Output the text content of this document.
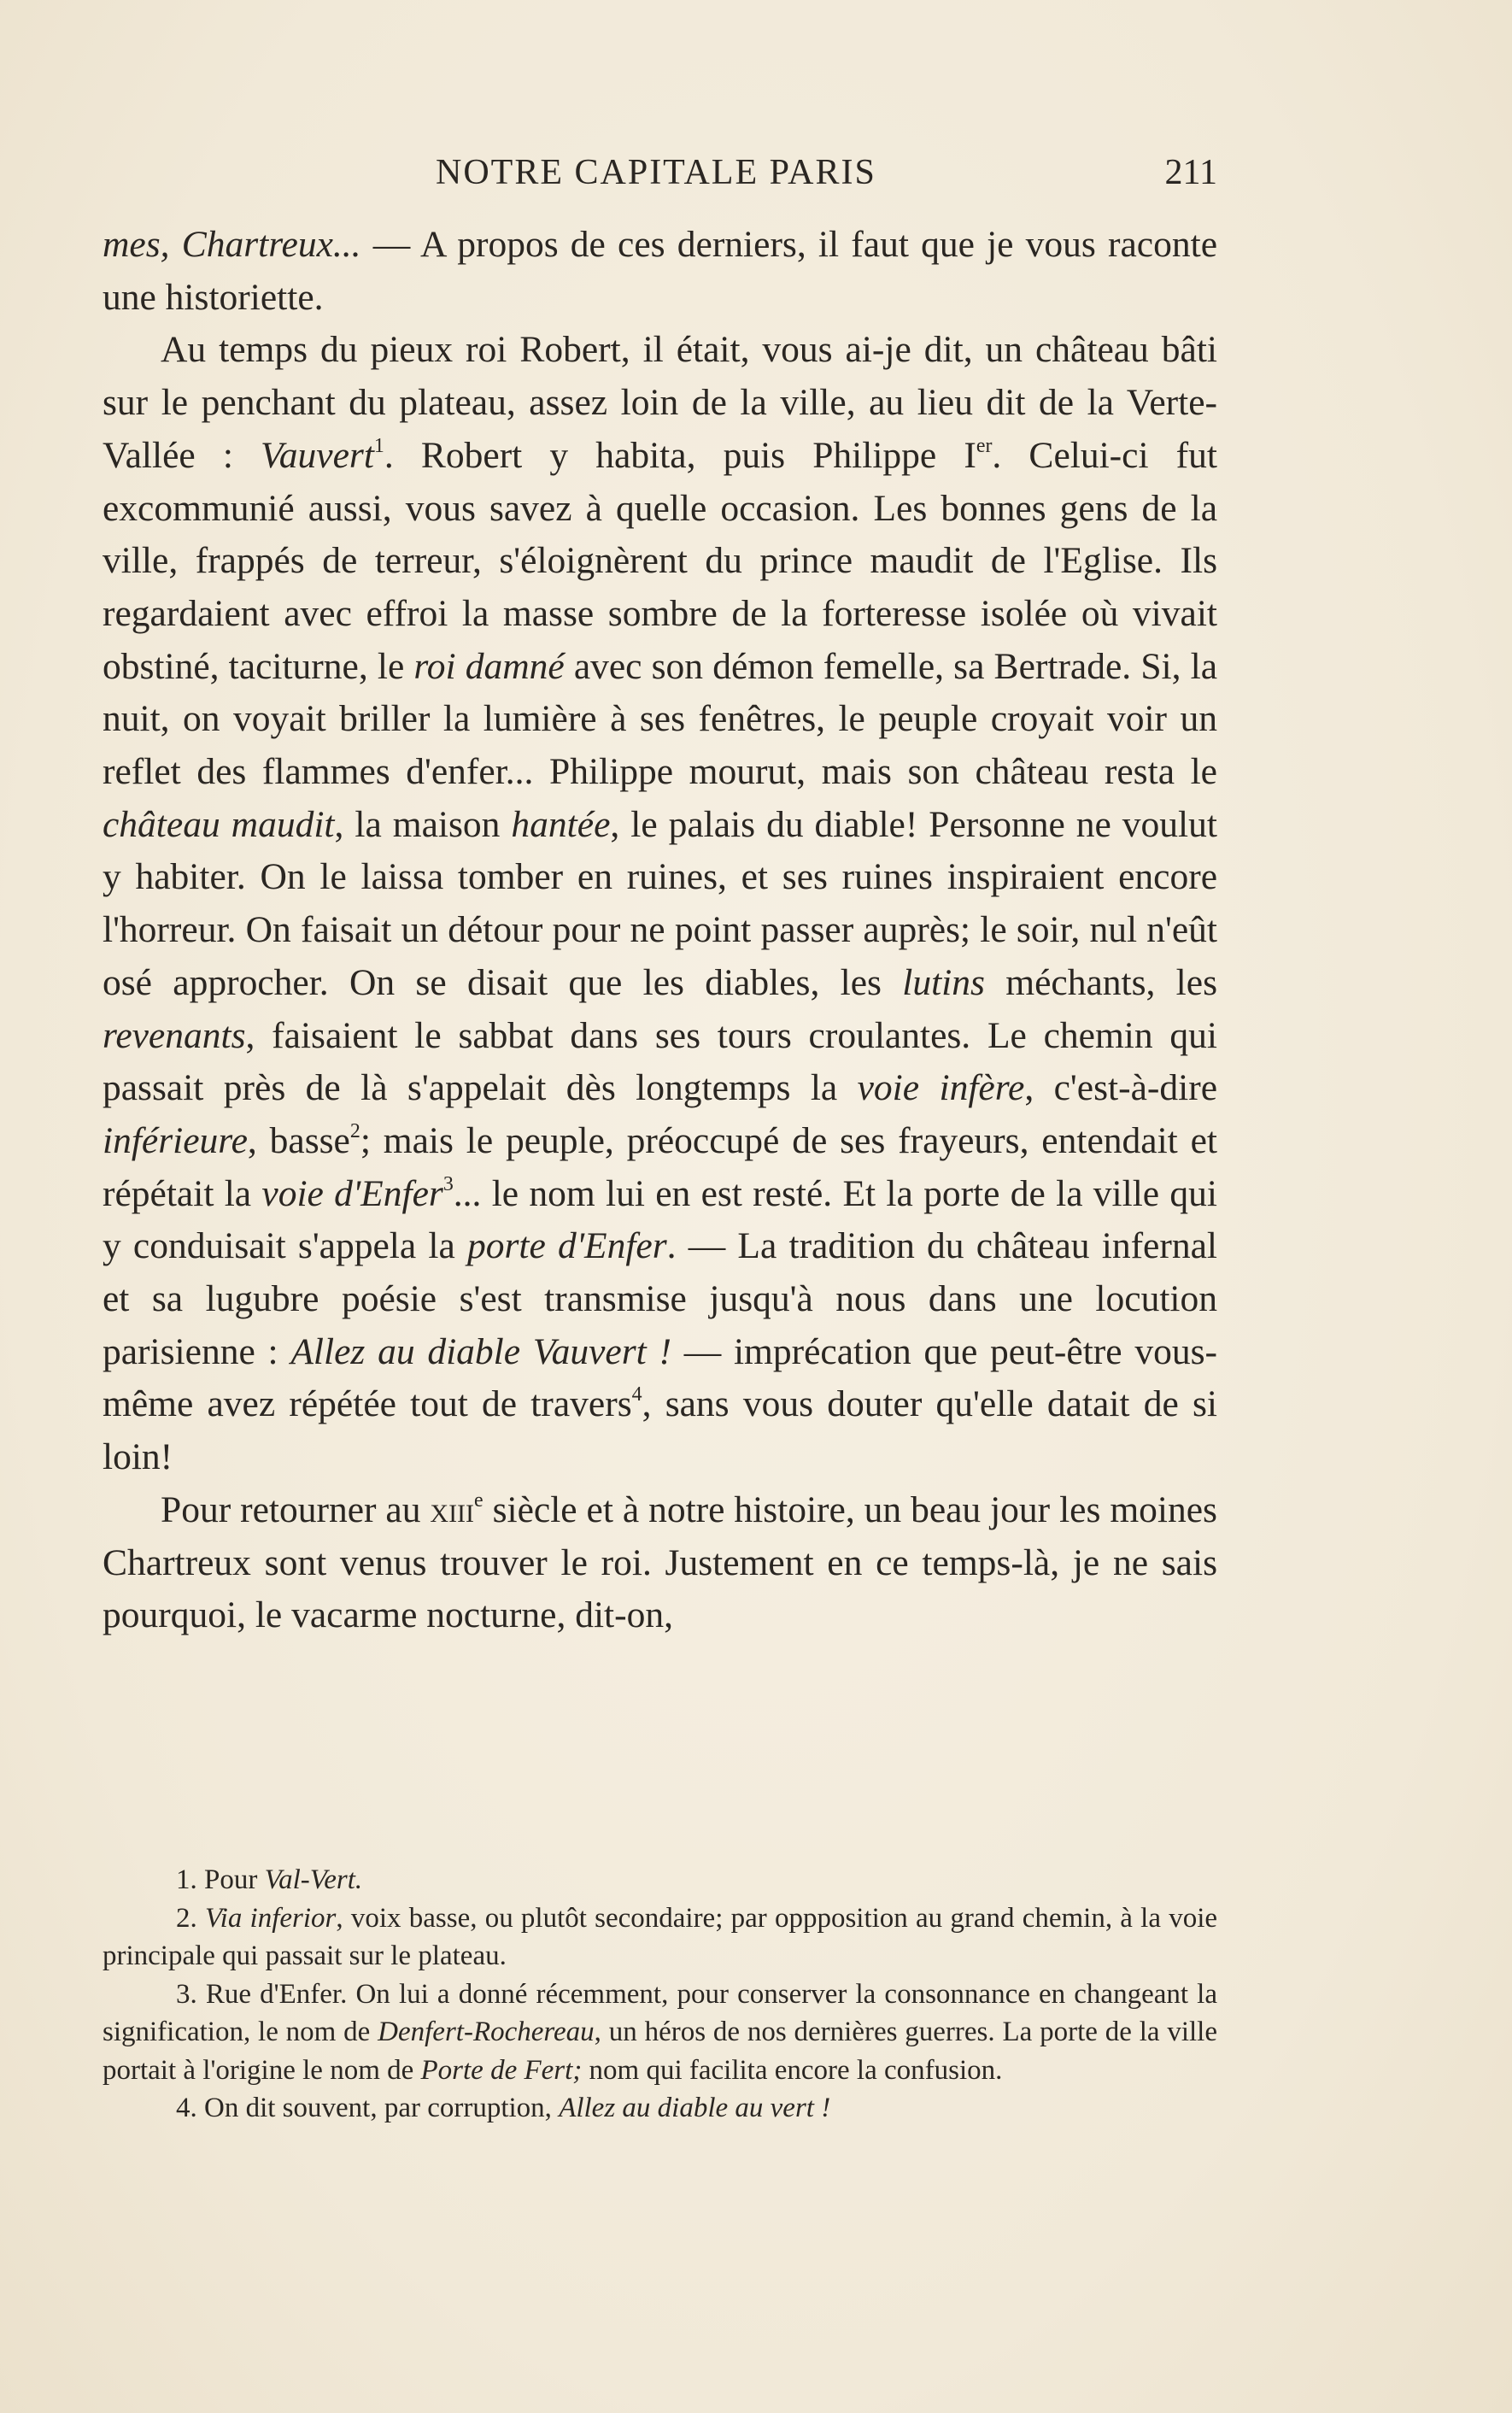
NOTRE CAPITALE PARIS	211

mes, Chartreux... — A propos de ces derniers, il faut que je vous raconte une historiette.

Au temps du pieux roi Robert, il était, vous ai-je dit, un château bâti sur le penchant du plateau, assez loin de la ville, au lieu dit de la Verte-Vallée : Vauvert$^1$. Robert y habita, puis Philippe Ier. Celui-ci fut excommunié aussi, vous savez à quelle occasion. Les bonnes gens de la ville, frappés de terreur, s'éloignèrent du prince maudit de l'Eglise. Ils regardaient avec effroi la masse sombre de la forteresse isolée où vivait obstiné, taciturne, le roi damné avec son démon femelle, sa Bertrade. Si, la nuit, on voyait briller la lumière à ses fenêtres, le peuple croyait voir un reflet des flammes d'enfer... Philippe mourut, mais son château resta le château maudit, la maison hantée, le palais du diable! Personne ne voulut y habiter. On le laissa tomber en ruines, et ses ruines inspiraient encore l'horreur. On faisait un détour pour ne point passer auprès; le soir, nul n'eût osé approcher. On se disait que les diables, les lutins méchants, les revenants, faisaient le sabbat dans ses tours croulantes. Le chemin qui passait près de là s'appelait dès longtemps la voie infère, c'est-à-dire inférieure, basse$^2$; mais le peuple, préoccupé de ses frayeurs, entendait et répétait la voie d'Enfer$^3$... le nom lui en est resté. Et la porte de la ville qui y conduisait s'appela la porte d'Enfer. — La tradition du château infernal et sa lugubre poésie s'est transmise jusqu'à nous dans une locution parisienne : Allez au diable Vauvert ! — imprécation que peut-être vous-même avez répétée tout de travers$^4$, sans vous douter qu'elle datait de si loin!

Pour retourner au xiii$^e$ siècle et à notre histoire, un beau jour les moines Chartreux sont venus trouver le roi. Justement en ce temps-là, je ne sais pourquoi, le vacarme nocturne, dit-on,

1. Pour Val-Vert.

2. Via inferior, voix basse, ou plutôt secondaire; par oppposition au grand chemin, à la voie principale qui passait sur le plateau.

3. Rue d'Enfer. On lui a donné récemment, pour conserver la consonnance en changeant la signification, le nom de Denfert-Rochereau, un héros de nos dernières guerres. La porte de la ville portait à l'origine le nom de Porte de Fert; nom qui facilita encore la confusion.

4. On dit souvent, par corruption, Allez au diable au vert !
